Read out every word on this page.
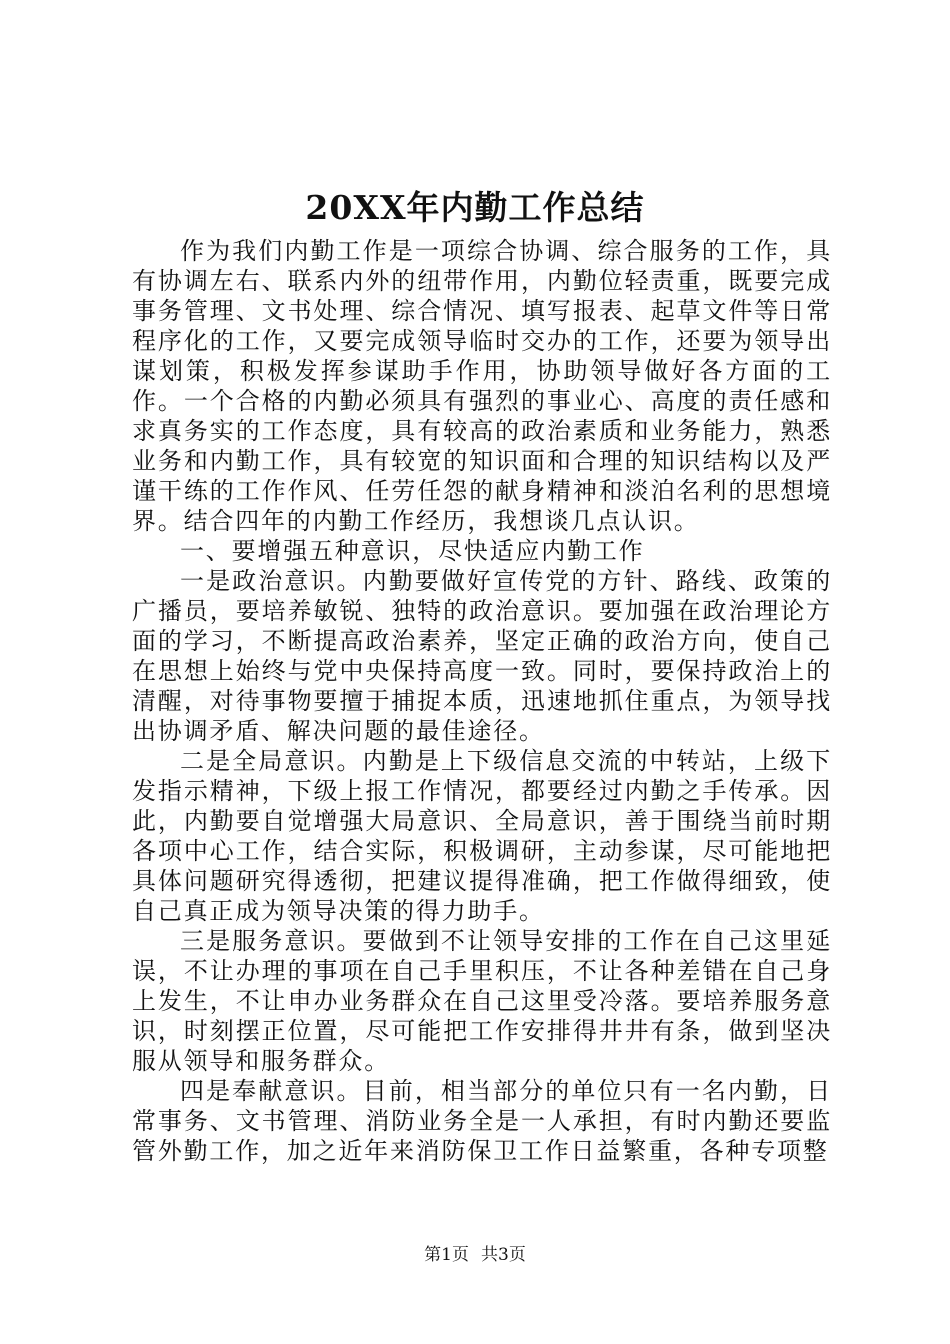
20XX年内勤工作总结

作为我们内勤工作是一项综合协调、综合服务的工作，具有协调左右、联系内外的纽带作用，内勤位轻责重，既要完成事务管理、文书处理、综合情况、填写报表、起草文件等日常程序化的工作，又要完成领导临时交办的工作，还要为领导出谋划策，积极发挥参谋助手作用，协助领导做好各方面的工作。一个合格的内勤必须具有强烈的事业心、高度的责任感和求真务实的工作态度，具有较高的政治素质和业务能力，熟悉业务和内勤工作，具有较宽的知识面和合理的知识结构以及严谨干练的工作作风、任劳任怨的献身精神和淡泊名利的思想境界。结合四年的内勤工作经历，我想谈几点认识。

一、要增强五种意识，尽快适应内勤工作

一是政治意识。内勤要做好宣传党的方针、路线、政策的广播员，要培养敏锐、独特的政治意识。要加强在政治理论方面的学习，不断提高政治素养，坚定正确的政治方向，使自己在思想上始终与党中央保持高度一致。同时，要保持政治上的清醒，对待事物要擅于捕捉本质，迅速地抓住重点，为领导找出协调矛盾、解决问题的最佳途径。

二是全局意识。内勤是上下级信息交流的中转站，上级下发指示精神，下级上报工作情况，都要经过内勤之手传承。因此，内勤要自觉增强大局意识、全局意识，善于围绕当前时期各项中心工作，结合实际，积极调研，主动参谋，尽可能地把具体问题研究得透彻，把建议提得准确，把工作做得细致，使自己真正成为领导决策的得力助手。

三是服务意识。要做到不让领导安排的工作在自己这里延误，不让办理的事项在自己手里积压，不让各种差错在自己身上发生，不让申办业务群众在自己这里受冷落。要培养服务意识，时刻摆正位置，尽可能把工作安排得井井有条，做到坚决服从领导和服务群众。

四是奉献意识。目前，相当部分的单位只有一名内勤，日常事务、文书管理、消防业务全是一人承担，有时内勤还要监管外勤工作，加之近年来消防保卫工作日益繁重，各种专项整

第1页 共3页
